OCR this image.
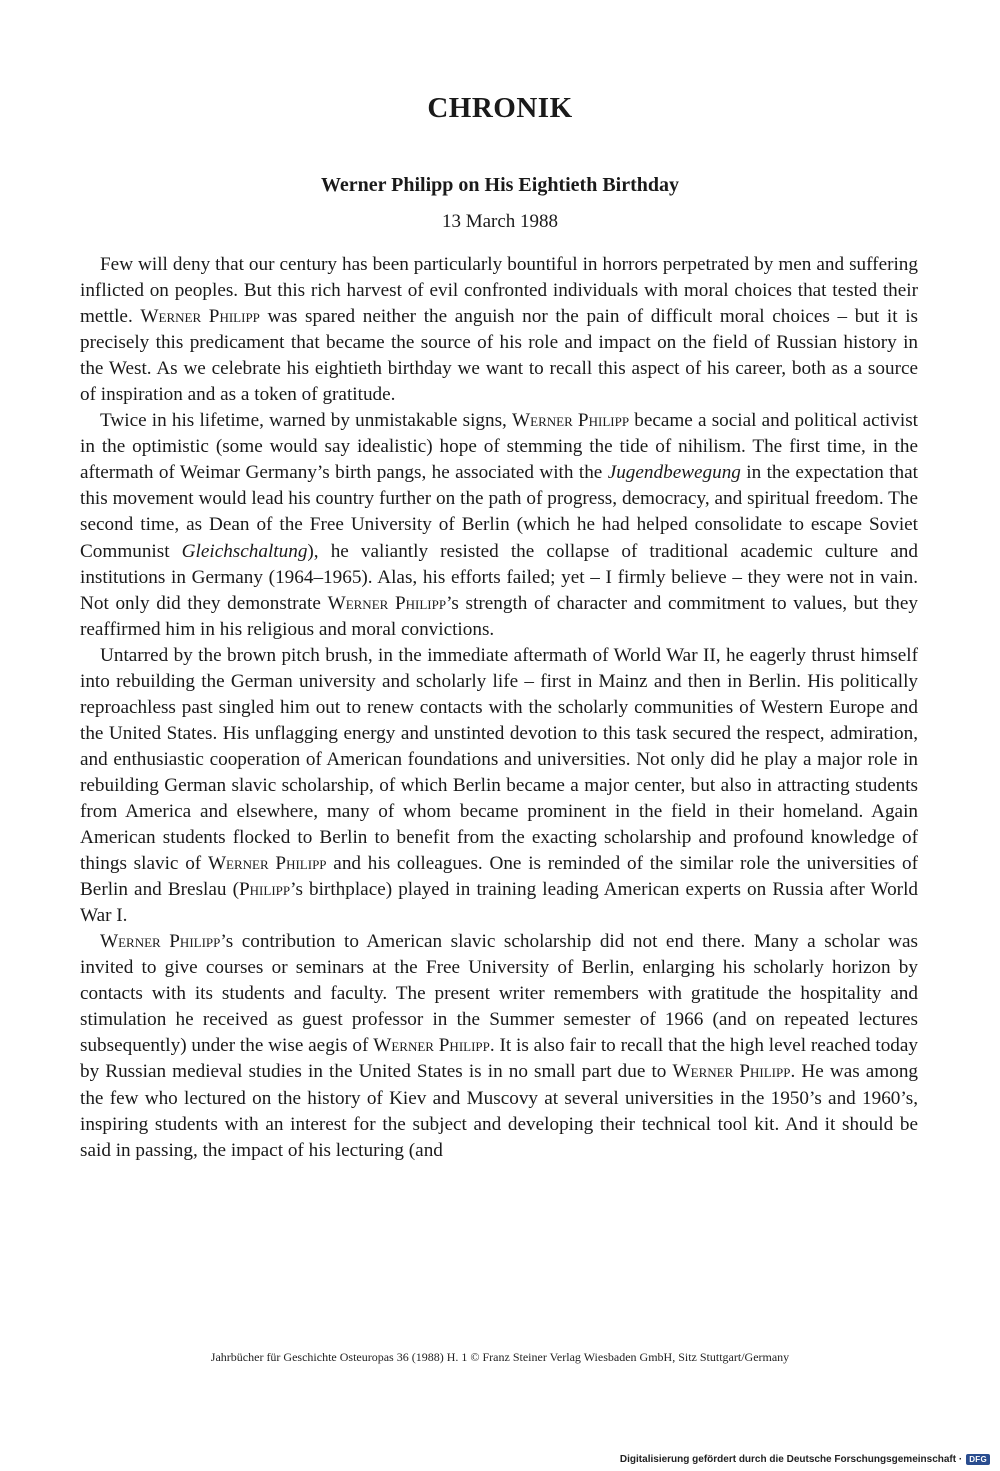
CHRONIK
Werner Philipp on His Eightieth Birthday
13 March 1988

Few will deny that our century has been particularly bountiful in horrors perpetrated by men and suffering inflicted on peoples. But this rich harvest of evil confronted individuals with moral choices that tested their mettle. Werner Philipp was spared neither the anguish nor the pain of difficult moral choices – but it is precisely this predicament that became the source of his role and impact on the field of Russian history in the West. As we celebrate his eightieth birthday we want to recall this aspect of his career, both as a source of inspiration and as a token of gratitude.

Twice in his lifetime, warned by unmistakable signs, Werner Philipp became a social and political activist in the optimistic (some would say idealistic) hope of stemming the tide of nihilism. The first time, in the aftermath of Weimar Germany’s birth pangs, he associated with the Jugendbewegung in the expectation that this movement would lead his country further on the path of progress, democracy, and spiritual freedom. The second time, as Dean of the Free University of Berlin (which he had helped consolidate to escape Soviet Communist Gleichschaltung), he valiantly resisted the collapse of traditional academic culture and institutions in Germany (1964–1965). Alas, his efforts failed; yet – I firmly believe – they were not in vain. Not only did they demonstrate Werner Philipp’s strength of character and commitment to values, but they reaffirmed him in his religious and moral convictions.

Untarred by the brown pitch brush, in the immediate aftermath of World War II, he eagerly thrust himself into rebuilding the German university and scholarly life – first in Mainz and then in Berlin. His politically reproachless past singled him out to renew contacts with the scholarly communities of Western Europe and the United States. His unflagging energy and unstinted devotion to this task secured the respect, admiration, and enthusiastic cooperation of American foundations and universities. Not only did he play a major role in rebuilding German slavic scholarship, of which Berlin became a major center, but also in attracting students from America and elsewhere, many of whom became prominent in the field in their homeland. Again American students flocked to Berlin to benefit from the exacting scholarship and profound knowledge of things slavic of Werner Philipp and his colleagues. One is reminded of the similar role the universities of Berlin and Breslau (Philipp’s birthplace) played in training leading American experts on Russia after World War I.

Werner Philipp’s contribution to American slavic scholarship did not end there. Many a scholar was invited to give courses or seminars at the Free University of Berlin, enlarging his scholarly horizon by contacts with its students and faculty. The present writer remembers with gratitude the hospitality and stimulation he received as guest professor in the Summer semester of 1966 (and on repeated lectures subsequently) under the wise aegis of Werner Philipp. It is also fair to recall that the high level reached today by Russian medieval studies in the United States is in no small part due to Werner Philipp. He was among the few who lectured on the history of Kiev and Muscovy at several universities in the 1950’s and 1960’s, inspiring students with an interest for the subject and developing their technical tool kit. And it should be said in passing, the impact of his lecturing (and

Jahrbücher für Geschichte Osteuropas 36 (1988) H. 1 © Franz Steiner Verlag Wiesbaden GmbH, Sitz Stuttgart/Germany
Digitalisierung gefördert durch die Deutsche Forschungsgemeinschaft · DFG
